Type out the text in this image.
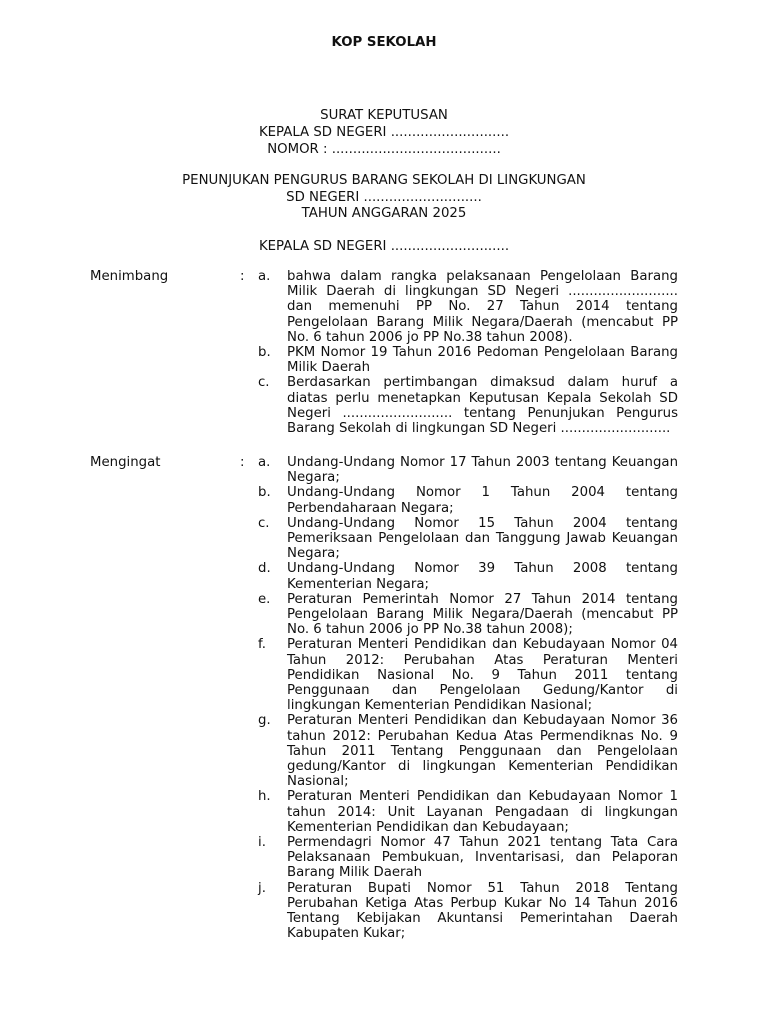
KOP SEKOLAH
SURAT KEPUTUSAN
KEPALA SD NEGERI ............................
NOMOR : ........................................
PENUNJUKAN PENGURUS BARANG SEKOLAH DI LINGKUNGAN
SD NEGERI ............................
TAHUN ANGGARAN 2025
KEPALA SD NEGERI ............................
Menimbang	:	a.	bahwa dalam rangka pelaksanaan Pengelolaan Barang Milik Daerah di lingkungan SD Negeri .......................... dan memenuhi PP No. 27 Tahun 2014 tentang Pengelolaan Barang Milik Negara/Daerah (mencabut PP No. 6 tahun 2006 jo PP No.38 tahun 2008).
b.	PKM Nomor 19 Tahun 2016 Pedoman Pengelolaan Barang Milik Daerah
c.	Berdasarkan pertimbangan dimaksud dalam huruf a diatas perlu menetapkan Keputusan Kepala Sekolah SD Negeri .......................... tentang Penunjukan Pengurus Barang Sekolah di lingkungan SD Negeri ..........................
Mengingat	:	a.	Undang-Undang Nomor 17 Tahun 2003 tentang Keuangan Negara;
b.	Undang-Undang Nomor 1 Tahun 2004 tentang Perbendaharaan Negara;
c.	Undang-Undang Nomor 15 Tahun 2004 tentang Pemeriksaan Pengelolaan dan Tanggung Jawab Keuangan Negara;
d.	Undang-Undang Nomor 39 Tahun 2008 tentang Kementerian Negara;
e.	Peraturan Pemerintah Nomor 27 Tahun 2014 tentang Pengelolaan Barang Milik Negara/Daerah (mencabut PP No. 6 tahun 2006 jo PP No.38 tahun 2008);
f.	Peraturan Menteri Pendidikan dan Kebudayaan Nomor 04 Tahun 2012: Perubahan Atas Peraturan Menteri Pendidikan Nasional No. 9 Tahun 2011 tentang Penggunaan dan Pengelolaan Gedung/Kantor di lingkungan Kementerian Pendidikan Nasional;
g.	Peraturan Menteri Pendidikan dan Kebudayaan Nomor 36 tahun 2012: Perubahan Kedua Atas Permendiknas No. 9 Tahun 2011 Tentang Penggunaan dan Pengelolaan gedung/Kantor di lingkungan Kementerian Pendidikan Nasional;
h.	Peraturan Menteri Pendidikan dan Kebudayaan Nomor 1 tahun 2014: Unit Layanan Pengadaan di lingkungan Kementerian Pendidikan dan Kebudayaan;
i.	Permendagri Nomor 47 Tahun 2021 tentang Tata Cara Pelaksanaan Pembukuan, Inventarisasi, dan Pelaporan Barang Milik Daerah
j.	Peraturan Bupati Nomor 51 Tahun 2018 Tentang Perubahan Ketiga Atas Perbup Kukar No 14 Tahun 2016 Tentang Kebijakan Akuntansi Pemerintahan Daerah Kabupaten Kukar;
